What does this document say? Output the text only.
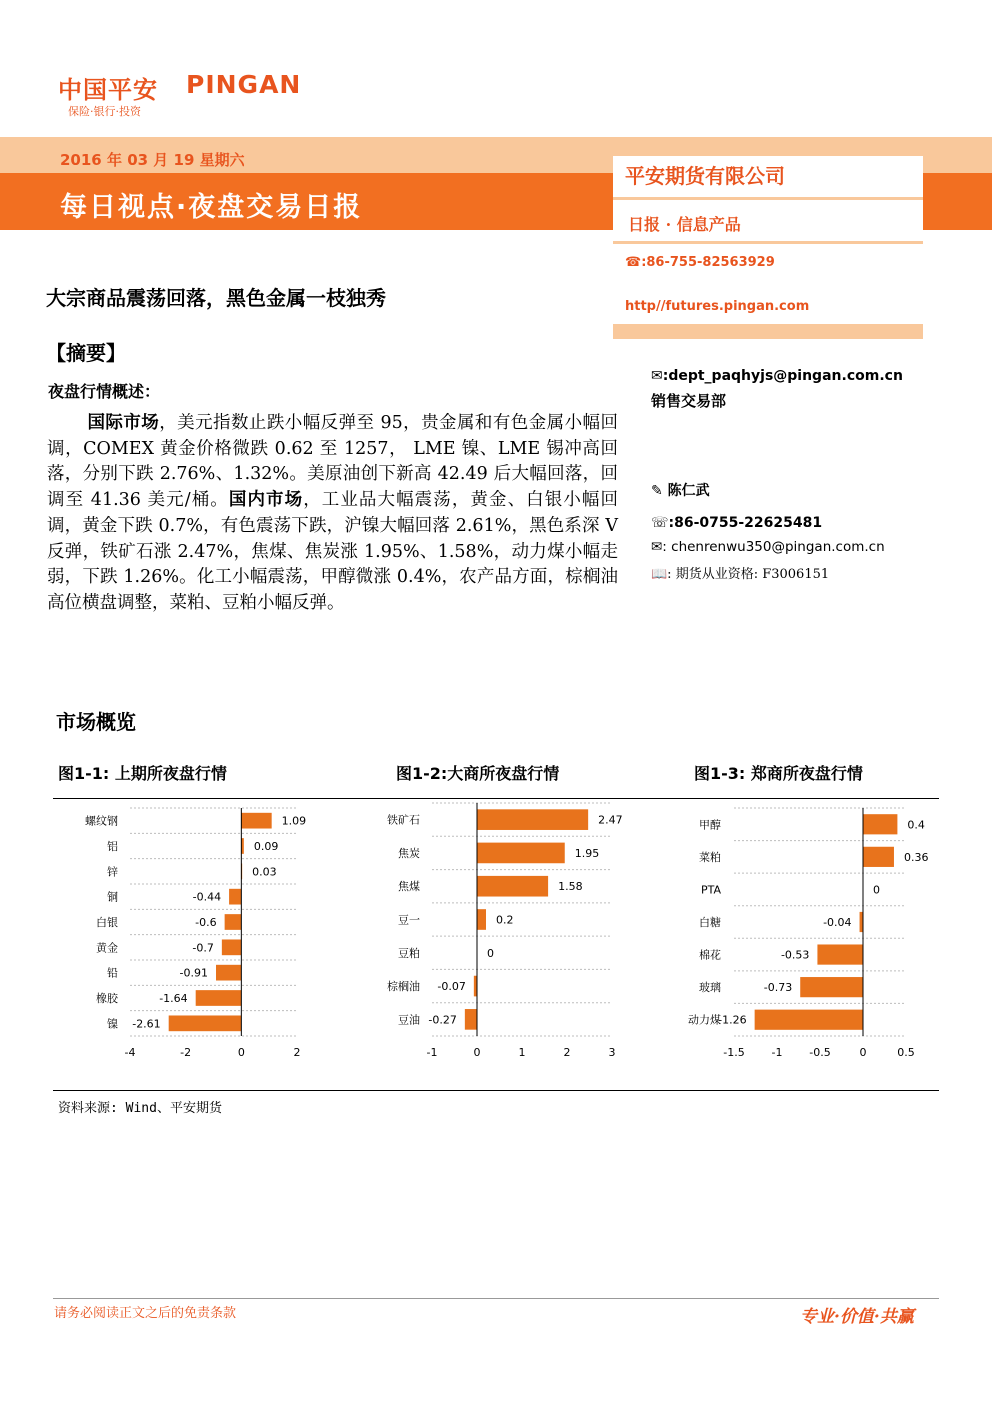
中国平安 PINGAN
保险·银行·投资
2016 年 03 月 19 星期六
每日视点·夜盘交易日报
平安期货有限公司
日报 · 信息产品
☎:86-755-82563929
http//futures.pingan.com
✉:dept_paqhyjs@pingan.com.cn
销售交易部
✎ 陈仁武
☏:86-0755-22625481
✉: chenrenwu350@pingan.com.cn
📖: 期货从业资格: F3006151
大宗商品震荡回落，黑色金属一枝独秀
【摘要】
夜盘行情概述：
国际市场，美元指数止跌小幅反弹至 95，贵金属和有色金属小幅回调，COMEX 黄金价格微跌 0.62 至 1257， LME 镍、LME 锡冲高回落，分别下跌 2.76%、1.32%。美原油创下新高 42.49 后大幅回落，回调至 41.36 美元/桶。国内市场，工业品大幅震荡，黄金、白银小幅回调，黄金下跌 0.7%，有色震荡下跌，沪镍大幅回落 2.61%，黑色系深 V 反弹，铁矿石涨 2.47%，焦煤、焦炭涨 1.95%、1.58%，动力煤小幅走弱，下跌 1.26%。化工小幅震荡，甲醇微涨 0.4%，农产品方面，棕榈油高位横盘调整，菜粕、豆粕小幅反弹。
市场概览
图1-1: 上期所夜盘行情	图1-2:大商所夜盘行情	图1-3: 郑商所夜盘行情
螺纹钢	1.09
铝	0.09
锌	0.03
铜	-0.44
白银	-0.6
黄金	-0.7
铅	-0.91
橡胶	-1.64
镍 -2.61
-4	-2	0	2
铁矿石	2.47
焦炭	1.95
焦煤	1.58
豆一	0.2
豆粕	0
棕榈油 -0.07
豆油 -0.27
-1	0	1	2	3
甲醇	0.4
菜粕	0.36
PTA	0
白糖	-0.04
棉花	-0.53
玻璃	-0.73
动力煤
-1.26
-1.5 -1 -0.5	0	0.5
资料来源: Wind、平安期货
请务必阅读正文之后的免责条款	专业·价值·共赢
